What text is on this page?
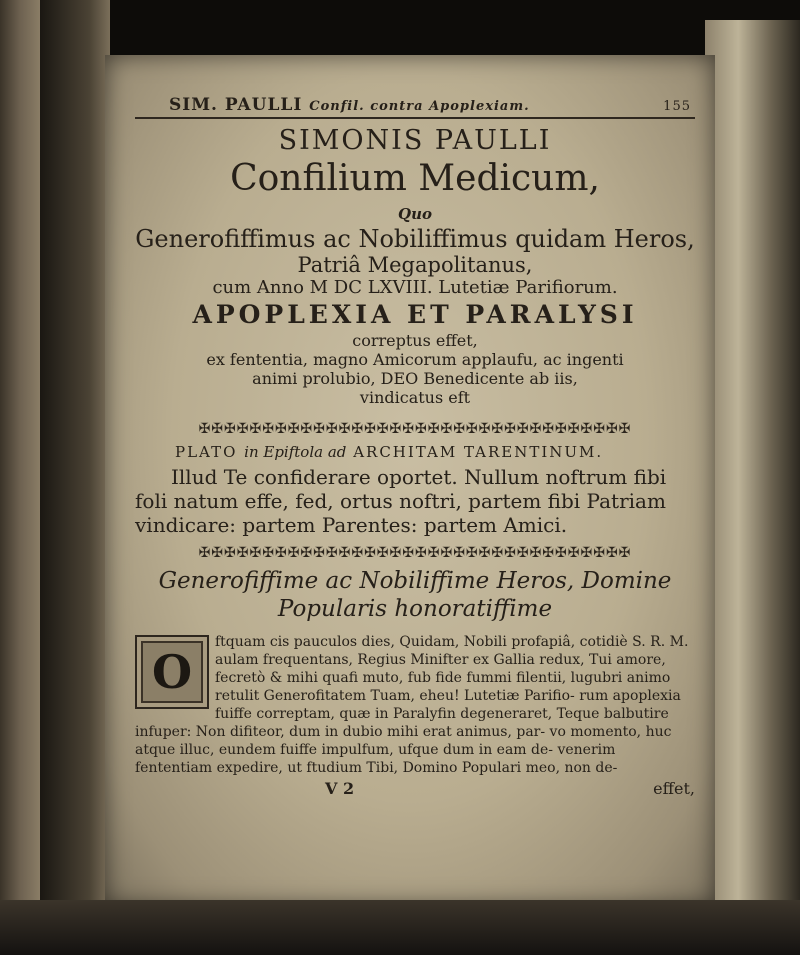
SIM. PAULLI Confil. contra Apoplexiam.	155
SIMONIS PAULLI
Confilium Medicum,
Quo
Generofiffimus ac Nobiliffimus quidam Heros,
Patriâ Megapolitanus,
cum Anno M DC LXVIII. Lutetiæ Parifiorum.
APOPLEXIA ET PARALYSI
correptus effet,
ex fententia, magno Amicorum applaufu, ac ingenti
animi prolubio, DEO Benedicente ab iis,
vindicatus eft
✠✠✠✠✠✠✠✠✠✠✠✠✠✠✠✠✠✠✠✠✠✠✠✠✠✠✠✠✠✠✠✠✠✠
PLATO in Epiftola ad ARCHITAM TARENTINUM.
Illud Te confiderare oportet. Nullum noftrum fibi foli natum effe, fed, ortus noftri, partem fibi Patriam vindicare: partem Parentes: partem Amici.
✠✠✠✠✠✠✠✠✠✠✠✠✠✠✠✠✠✠✠✠✠✠✠✠✠✠✠✠✠✠✠✠✠✠
Generofiffime ac Nobiliffime Heros, Domine
Popularis honoratiffime
O
ftquam cis pauculos dies, Quidam, Nobili profapiâ, cotidiè S. R. M. aulam frequentans, Regius Minifter ex Gallia redux, Tui amore, fecretò & mihi quafi muto, fub fide fummi filentii, lugubri animo retulit Generofitatem Tuam, eheu! Lutetiæ Parifio- rum apoplexia fuiffe correptam, quæ in Paralyfin degeneraret, Teque balbutire infuper: Non difiteor, dum in dubio mihi erat animus, par- vo momento, huc atque illuc, eundem fuiffe impulfum, ufque dum in eam de- venerim fententiam expedire, ut ftudium Tibi, Domino Populari meo, non de-
V 2	effet,
